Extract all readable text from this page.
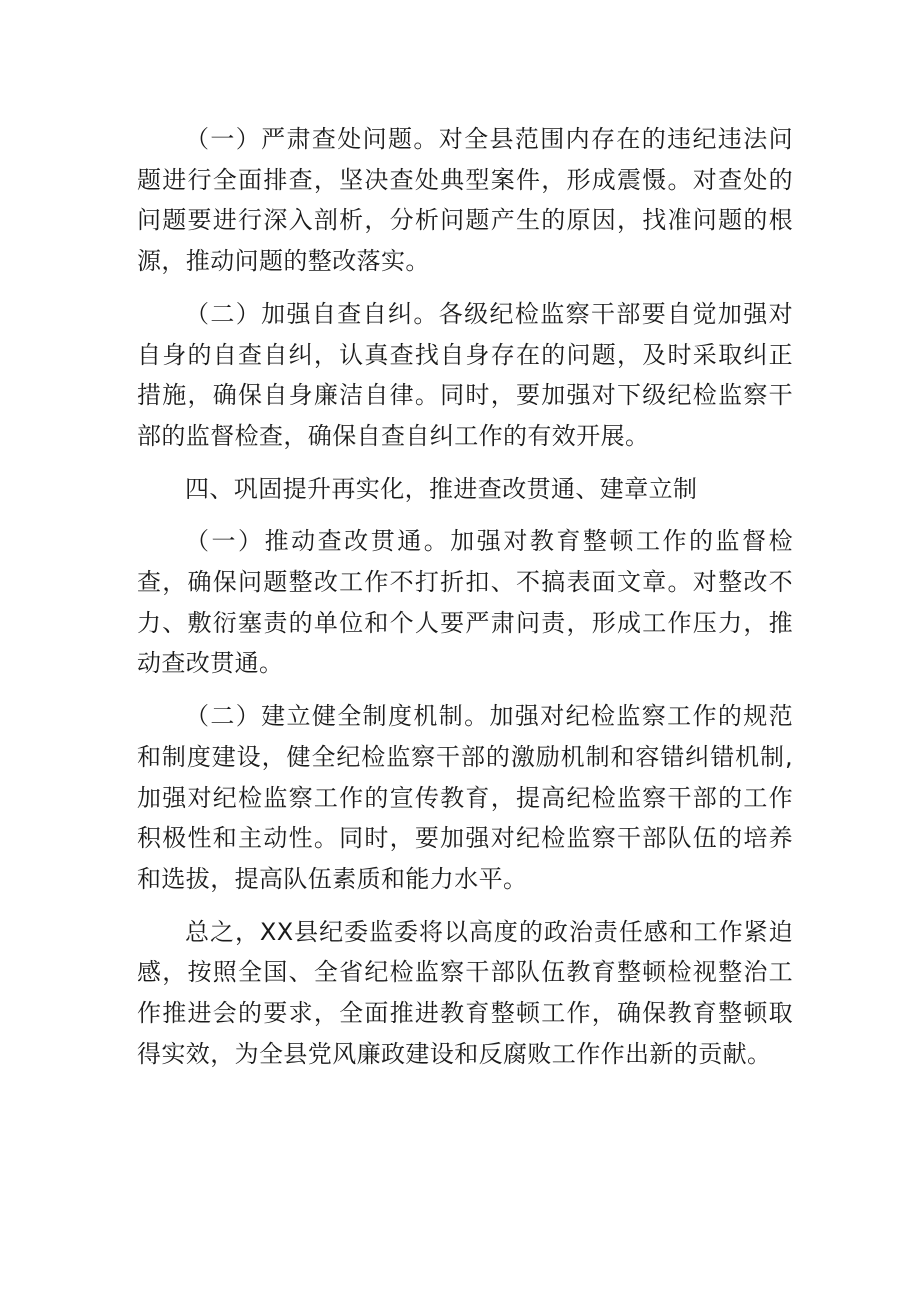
（一）严肃查处问题。对全县范围内存在的违纪违法问题进行全面排查，坚决查处典型案件，形成震慑。对查处的问题要进行深入剖析，分析问题产生的原因，找准问题的根源，推动问题的整改落实。

（二）加强自查自纠。各级纪检监察干部要自觉加强对自身的自查自纠，认真查找自身存在的问题，及时采取纠正措施，确保自身廉洁自律。同时，要加强对下级纪检监察干部的监督检查，确保自查自纠工作的有效开展。

四、巩固提升再实化，推进查改贯通、建章立制

（一）推动查改贯通。加强对教育整顿工作的监督检查，确保问题整改工作不打折扣、不搞表面文章。对整改不力、敷衍塞责的单位和个人要严肃问责，形成工作压力，推动查改贯通。

（二）建立健全制度机制。加强对纪检监察工作的规范和制度建设，健全纪检监察干部的激励机制和容错纠错机制,加强对纪检监察工作的宣传教育，提高纪检监察干部的工作积极性和主动性。同时，要加强对纪检监察干部队伍的培养和选拔，提高队伍素质和能力水平。

总之，XX县纪委监委将以高度的政治责任感和工作紧迫感，按照全国、全省纪检监察干部队伍教育整顿检视整治工作推进会的要求，全面推进教育整顿工作，确保教育整顿取得实效，为全县党风廉政建设和反腐败工作作出新的贡献。
